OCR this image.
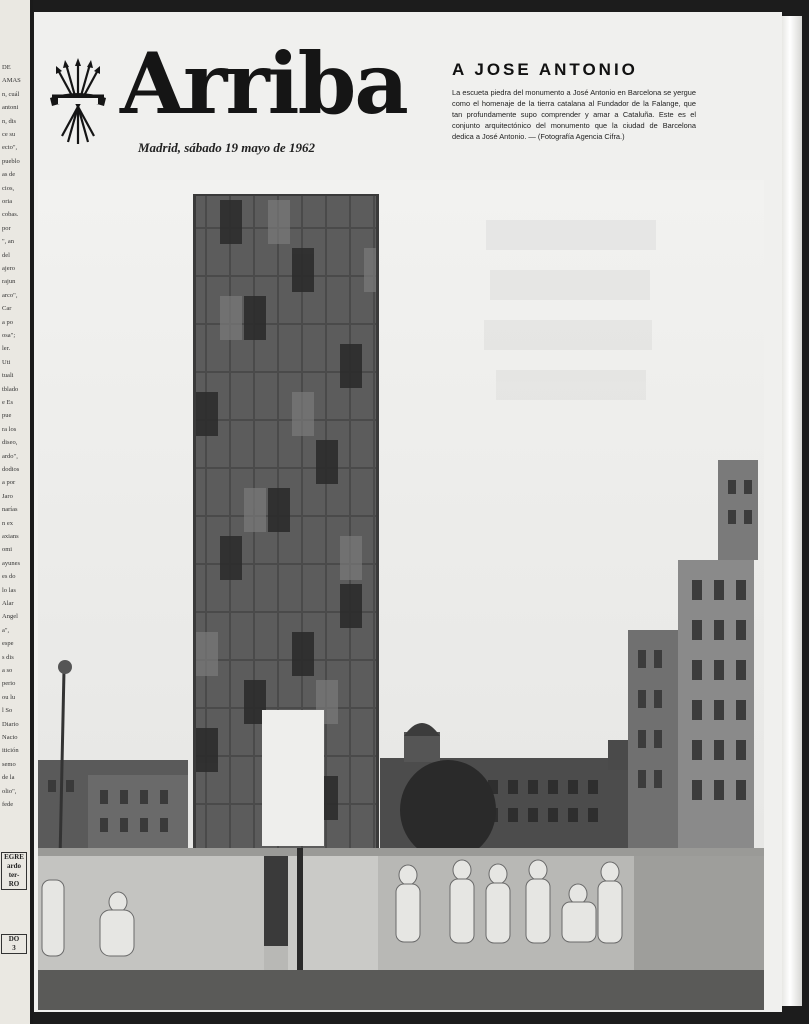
DE
AMAS
n, cuál
antoni
n, dis
ce su
ecto",
pueblo
as de
cios,
oria
cobas.
por
", an
del
ajero
rajun
arco",
Car
a po
osa";
ler.
Uti
tuali
tblado
e Es
pue
ra los
diseo,
ardo",
dodios
a por
Jaro
narías
n ex
axians
omi
ayunes
es do
lo las
Alar
Angel
a",
espe
s dis
a so
perio
ou lu
l So
Diario
Nacio
itición
semo
de la
olio",
fede
EGRE
ardo
ter-
RO
DO
3
Arriba
Madrid, sábado 19 mayo de 1962
A JOSE ANTONIO
La escueta piedra del monumento a José Antonio en Barcelona se yergue como el homenaje de la tierra catalana al Fundador de la Falange, que tan profundamente supo comprender y amar a Cataluña. Este es el conjunto arquitectónico del monumento que la ciudad de Barcelona dedica a José Antonio. — (Fotografía Agencia Cifra.)
